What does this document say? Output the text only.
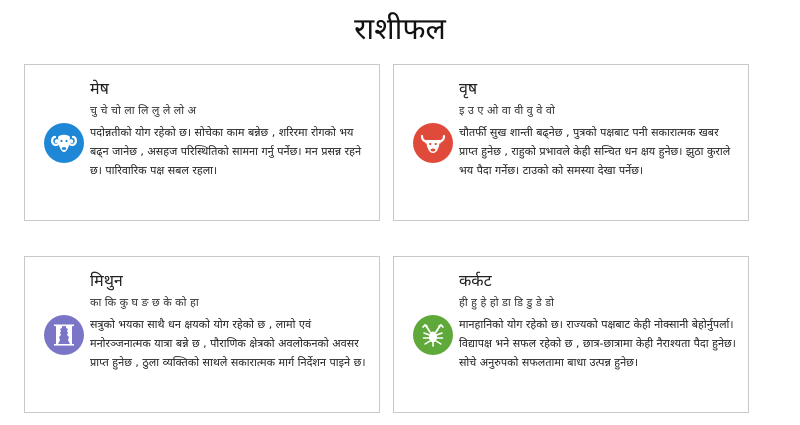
राशीफल
मेष
चु चे चो ला लि लु ले लो अ
पदोन्नतीको योग रहेको छ। सोचेका काम बन्नेछ , शरिरमा रोगको भय बढ्न जानेछ , असहज परिस्थितिको सामना गर्नु पर्नेछ। मन प्रसन्न रहने छ। पारिवारिक पक्ष सबल रहला।
वृष
इ उ ए ओ वा वी वु वे वो
चौतर्फी सुख शान्ती बढ्नेछ , पुत्रको पक्षबाट पनी सकारात्मक खबर प्राप्त हुनेछ , राहुको प्रभावले केही सन्चित धन क्षय हुनेछ। झुठा कुराले भय पैदा गर्नेछ। टाउको को समस्या देखा पर्नेछ।
मिथुन
का कि कु घ ङ छ के को हा
सत्रुको भयका साथै धन क्षयको योग रहेको छ , लामो एवं मनोरञ्जनात्मक यात्रा बन्ने छ , पौराणिक क्षेत्रको अवलोकनको अवसर प्राप्त हुनेछ , ठुला व्यक्तिको साथले सकारात्मक मार्ग निर्देशन पाइने छ।
कर्कट
ही हु हे हो डा डि डु डे डो
मानहानिको योग रहेको छ। राज्यको पक्षबाट केही नोक्सानी बेहोर्नुपर्ला। विद्यापक्ष भने सफल रहेको छ , छात्र-छात्रामा केही नैराश्यता पैदा हुनेछ। सोचे अनुरुपको सफलतामा बाधा उत्पन्न हुनेछ।
